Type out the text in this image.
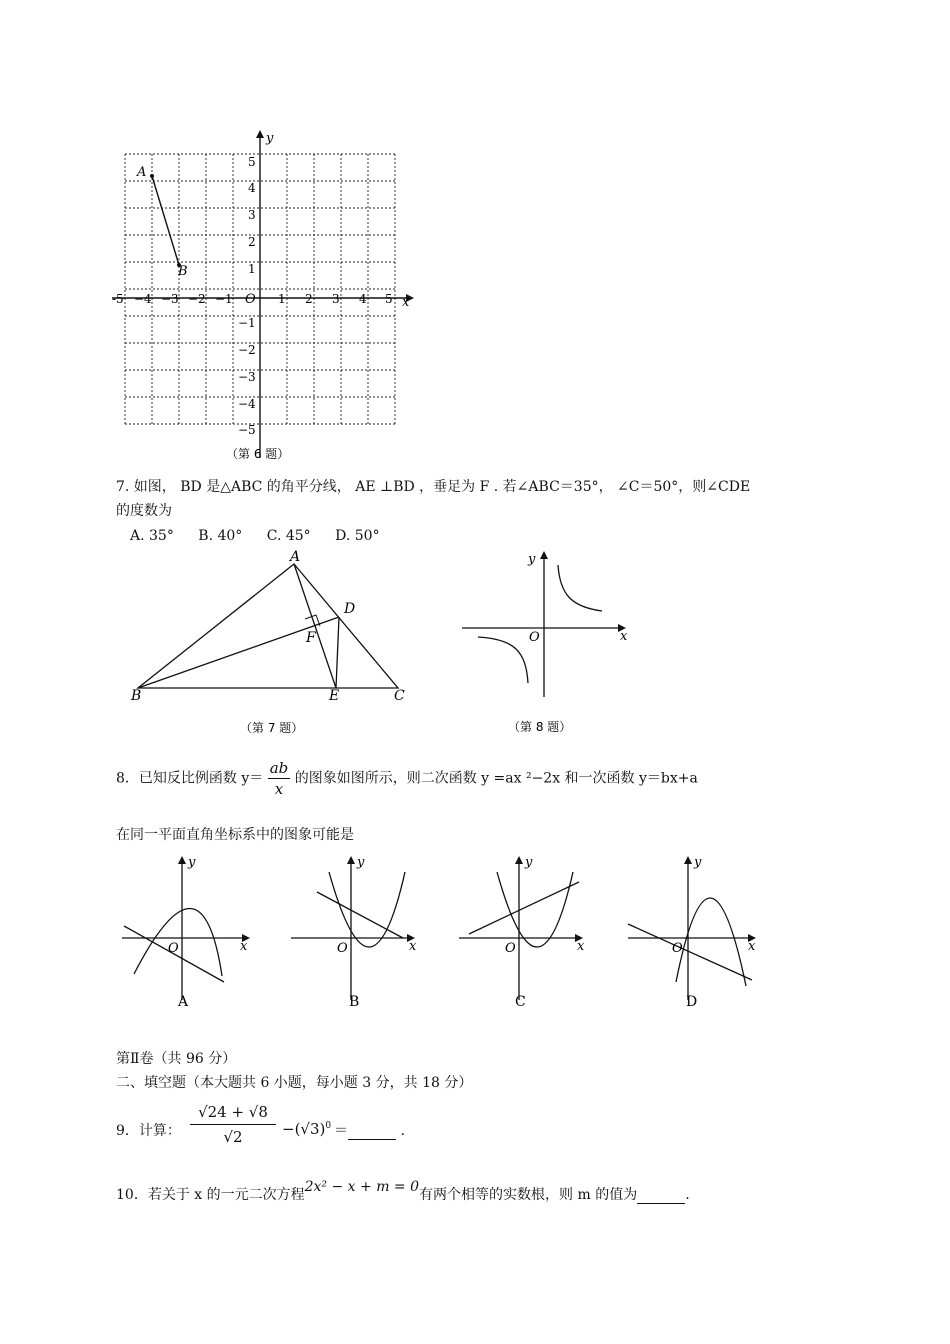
x
y
O
-5 −4 −3 −2 −1	1 2 3 4 5
5
4
3
2
1
−1
−2
−3
−4
−5
A
B
（第 6 题）
7. 如图， BD 是△ABC 的角平分线， AE ⊥BD ，垂足为 F . 若∠ABC＝35°， ∠C＝50°，则∠CDE
的度数为
A. 35° B. 40° C. 45° D. 50°
A
B	C
D
E
F
（第 7 题）
x
y
O
（第 8 题）
8．已知反比例函数 $y= \frac{ab}{x}$ 的图象如图所示，则二次函数 y =ax ²−2x 和一次函数 y＝bx+a
在同一平面直角坐标系中的图象可能是
x
y
O
A
x
y
O
B
x
y
O
C
x
y
O
D
第Ⅱ卷（共 96 分）
二、填空题（本大题共 6 小题，每小题 3 分，共 18 分）
9．计算： $\frac{√24 + √8}{√2} -(√3)^0$ ＝	.
10．若关于 x 的一元二次方程2x² − x + m = 0有两个相等的实数根，则 m 的值为	.
